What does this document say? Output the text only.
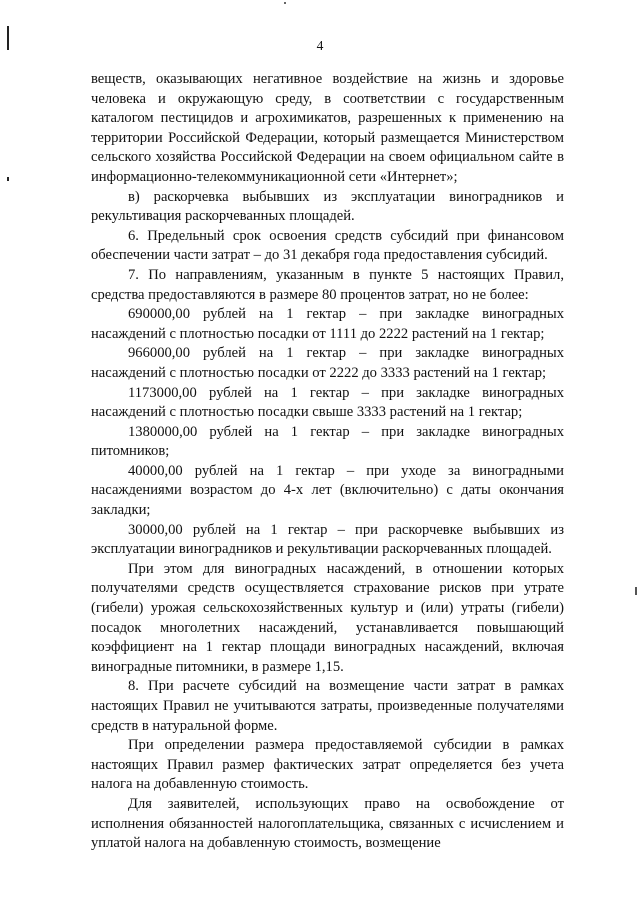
4

веществ, оказывающих негативное воздействие на жизнь и здоровье человека и окружающую среду, в соответствии с государственным каталогом пестицидов и агрохимикатов, разрешенных к применению на территории Российской Федерации, который размещается Министерством сельского хозяйства Российской Федерации на своем официальном сайте в информационно-телекоммуникационной сети «Интернет»;

в) раскорчевка выбывших из эксплуатации виноградников и рекультивация раскорчеванных площадей.

6. Предельный срок освоения средств субсидий при финансовом обеспечении части затрат – до 31 декабря года предоставления субсидий.

7. По направлениям, указанным в пункте 5 настоящих Правил, средства предоставляются в размере 80 процентов затрат, но не более:

690000,00 рублей на 1 гектар – при закладке виноградных насаждений с плотностью посадки от 1111 до 2222 растений на 1 гектар;

966000,00 рублей на 1 гектар – при закладке виноградных насаждений с плотностью посадки от 2222 до 3333 растений на 1 гектар;

1173000,00 рублей на 1 гектар – при закладке виноградных насаждений с плотностью посадки свыше 3333 растений на 1 гектар;

1380000,00 рублей на 1 гектар – при закладке виноградных питомников;

40000,00 рублей на 1 гектар – при уходе за виноградными насаждениями возрастом до 4-х лет (включительно) с даты окончания закладки;

30000,00 рублей на 1 гектар – при раскорчевке выбывших из эксплуатации виноградников и рекультивации раскорчеванных площадей.

При этом для виноградных насаждений, в отношении которых получателями средств осуществляется страхование рисков при утрате (гибели) урожая сельскохозяйственных культур и (или) утраты (гибели) посадок многолетних насаждений, устанавливается повышающий коэффициент на 1 гектар площади виноградных насаждений, включая виноградные питомники, в размере 1,15.

8. При расчете субсидий на возмещение части затрат в рамках настоящих Правил не учитываются затраты, произведенные получателями средств в натуральной форме.

При определении размера предоставляемой субсидии в рамках настоящих Правил размер фактических затрат определяется без учета налога на добавленную стоимость.

Для заявителей, использующих право на освобождение от исполнения обязанностей налогоплательщика, связанных с исчислением и уплатой налога на добавленную стоимость, возмещение
